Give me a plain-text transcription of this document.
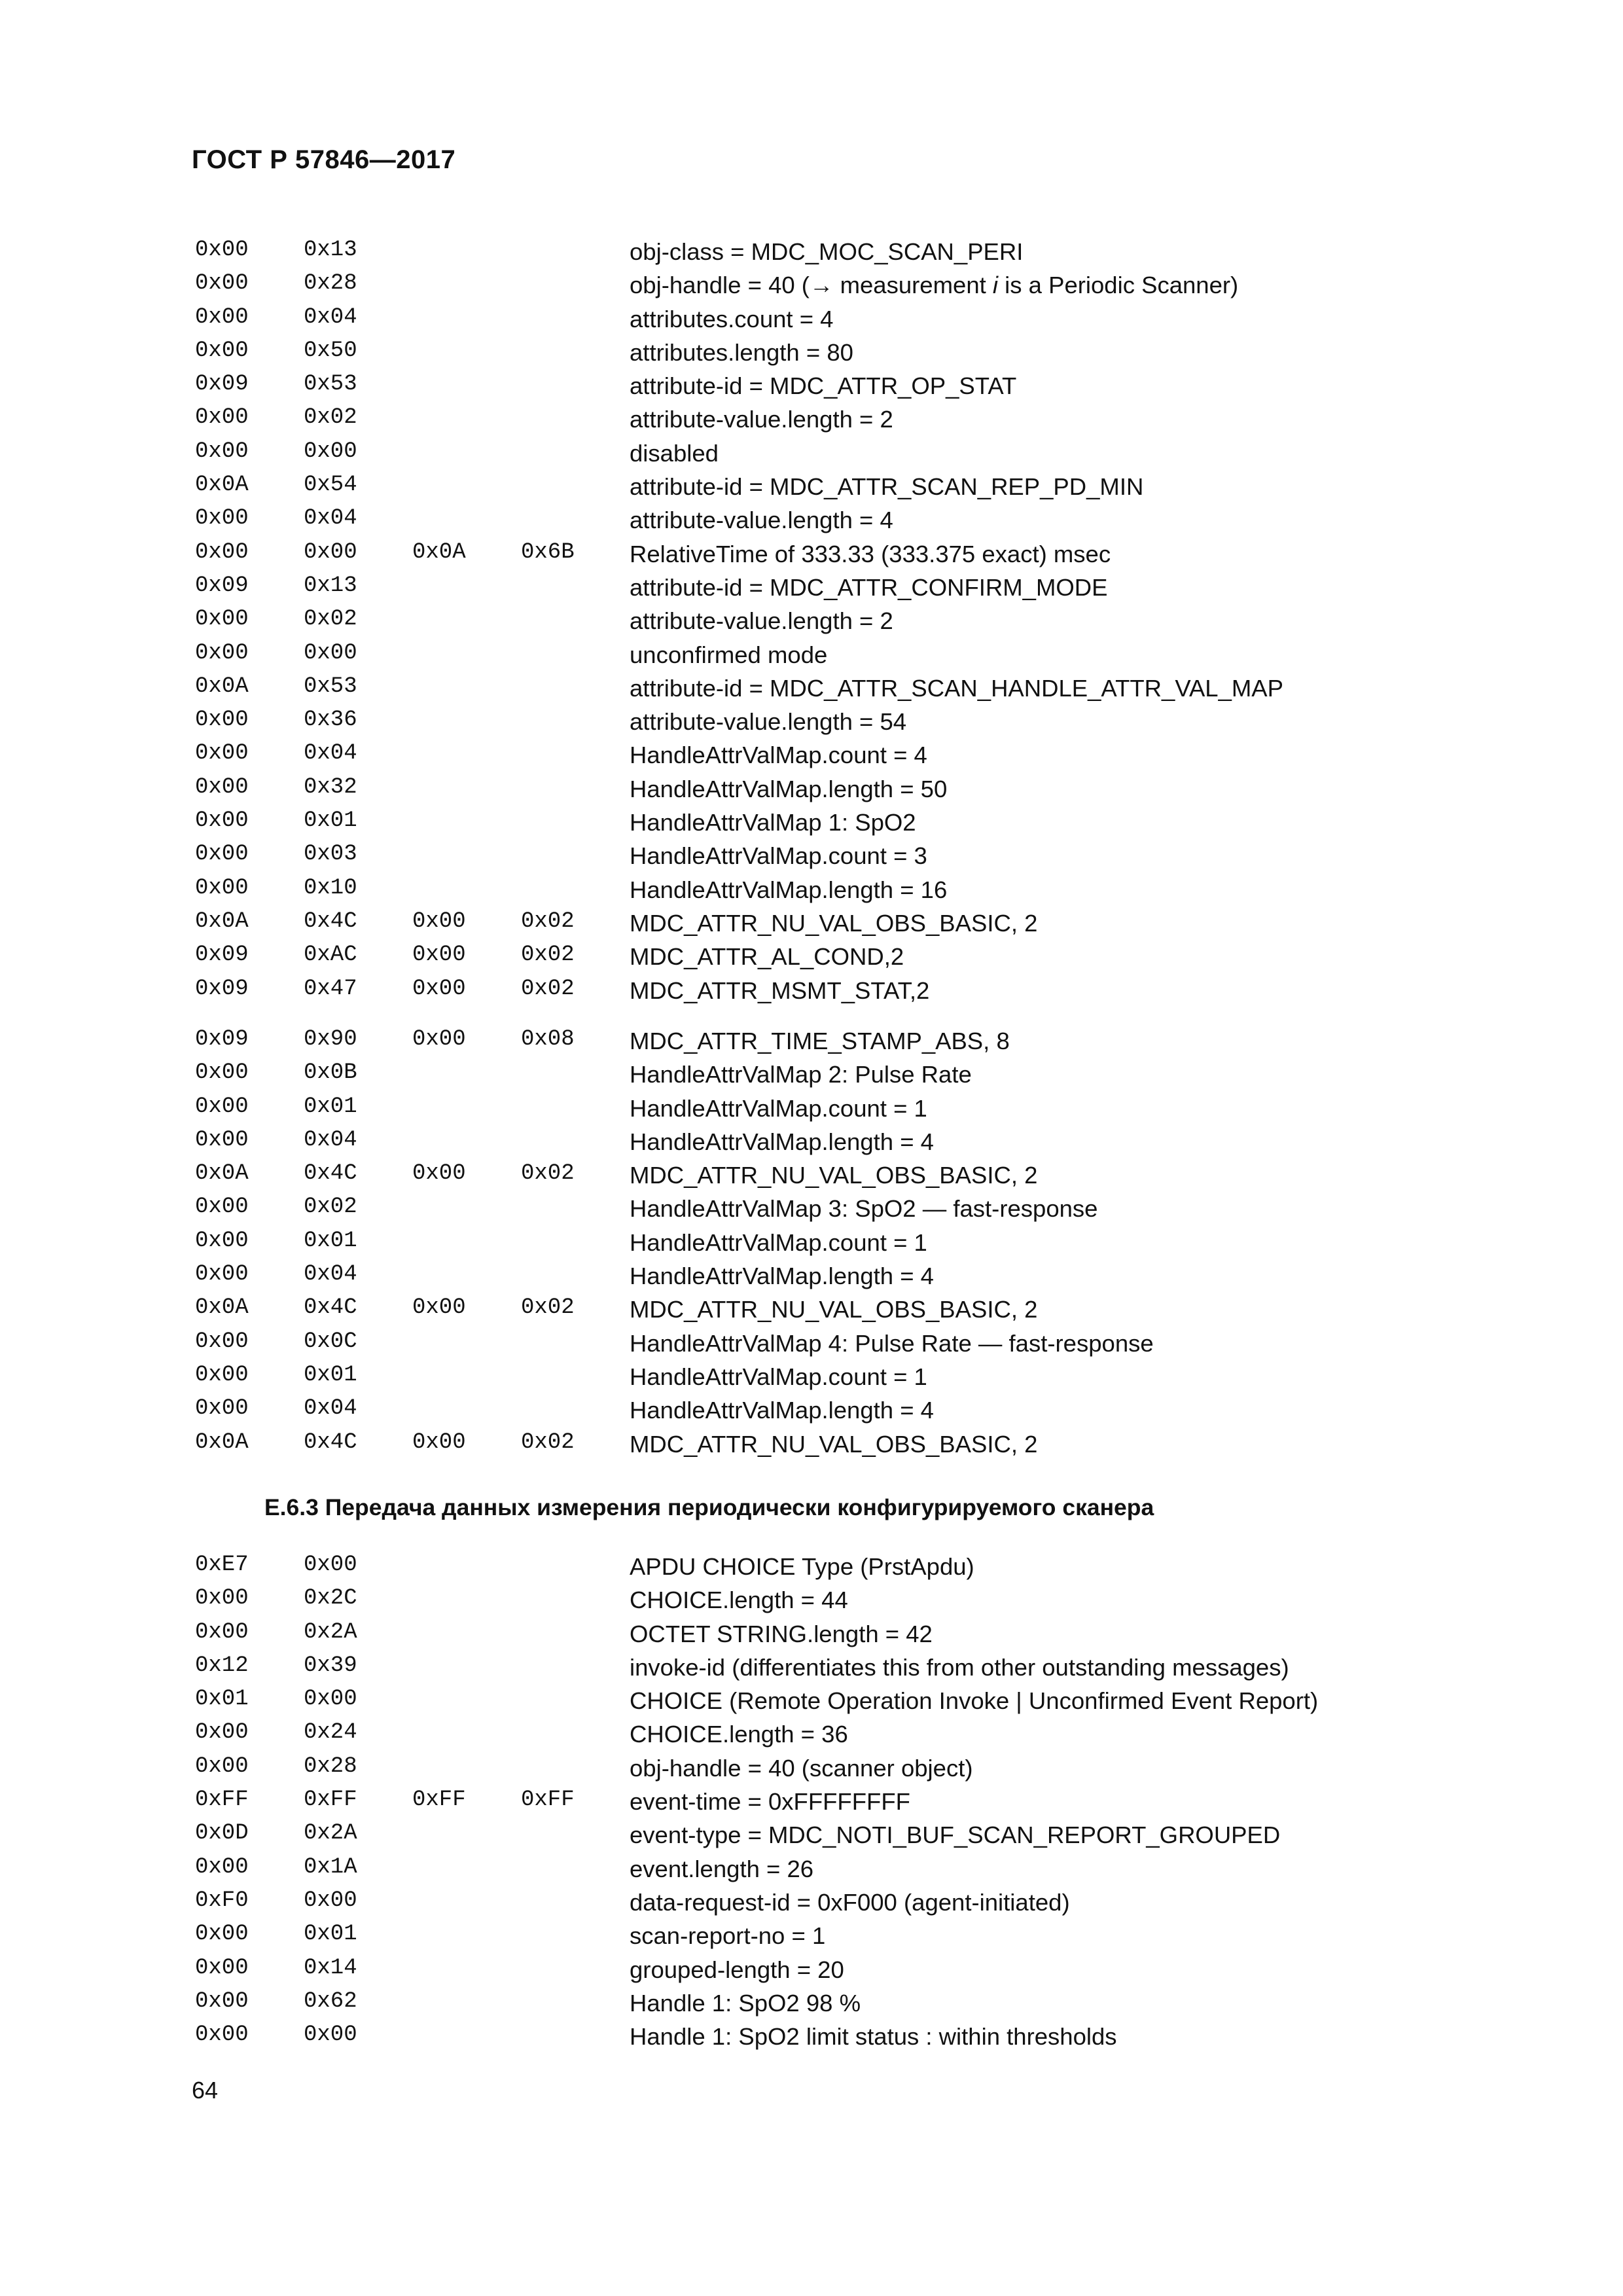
ГОСТ Р 57846—2017
0x00 0x13	obj-class = MDC_MOC_SCAN_PERI
0x00 0x28	obj-handle = 40 (→ measurement i is a Periodic Scanner)
0x00 0x04	attributes.count = 4
0x00 0x50	attributes.length = 80
0x09 0x53	attribute-id = MDC_ATTR_OP_STAT
0x00 0x02	attribute-value.length = 2
0x00 0x00	disabled
0x0A 0x54	attribute-id = MDC_ATTR_SCAN_REP_PD_MIN
0x00 0x04	attribute-value.length = 4
0x00 0x00 0x0A 0x6B RelativeTime of 333.33 (333.375 exact) msec
0x09 0x13	attribute-id = MDC_ATTR_CONFIRM_MODE
0x00 0x02	attribute-value.length = 2
0x00 0x00	unconfirmed mode
0x0A 0x53	attribute-id = MDC_ATTR_SCAN_HANDLE_ATTR_VAL_MAP
0x00 0x36	attribute-value.length = 54
0x00 0x04	HandleAttrValMap.count = 4
0x00 0x32	HandleAttrValMap.length = 50
0x00 0x01	HandleAttrValMap 1: SpO2
0x00 0x03	HandleAttrValMap.count = 3
0x00 0x10	HandleAttrValMap.length = 16
0x0A 0x4C 0x00 0x02 MDC_ATTR_NU_VAL_OBS_BASIC, 2
0x09 0xAC 0x00 0x02 MDC_ATTR_AL_COND,2
0x09 0x47 0x00 0x02 MDC_ATTR_MSMT_STAT,2
0x09 0x90 0x00 0x08 MDC_ATTR_TIME_STAMP_ABS, 8
0x00 0x0B	HandleAttrValMap 2: Pulse Rate
0x00 0x01	HandleAttrValMap.count = 1
0x00 0x04	HandleAttrValMap.length = 4
0x0A 0x4C 0x00 0x02 MDC_ATTR_NU_VAL_OBS_BASIC, 2
0x00 0x02	HandleAttrValMap 3: SpO2 — fast-response
0x00 0x01	HandleAttrValMap.count = 1
0x00 0x04	HandleAttrValMap.length = 4
0x0A 0x4C 0x00 0x02 MDC_ATTR_NU_VAL_OBS_BASIC, 2
0x00 0x0C	HandleAttrValMap 4: Pulse Rate — fast-response
0x00 0x01	HandleAttrValMap.count = 1
0x00 0x04	HandleAttrValMap.length = 4
0x0A 0x4C 0x00 0x02 MDC_ATTR_NU_VAL_OBS_BASIC, 2
Е.6.3 Передача данных измерения периодически конфигурируемого сканера
0xE7 0x00	APDU CHOICE Type (PrstApdu)
0x00 0x2C	CHOICE.length = 44
0x00 0x2A	OCTET STRING.length = 42
0x12 0x39	invoke-id (differentiates this from other outstanding messages)
0x01 0x00	CHOICE (Remote Operation Invoke | Unconfirmed Event Report)
0x00 0x24	CHOICE.length = 36
0x00 0x28	obj-handle = 40 (scanner object)
0xFF 0xFF 0xFF 0xFF event-time = 0xFFFFFFFF
0x0D 0x2A	event-type = MDC_NOTI_BUF_SCAN_REPORT_GROUPED
0x00 0x1A	event.length = 26
0xF0 0x00	data-request-id = 0xF000 (agent-initiated)
0x00 0x01	scan-report-no = 1
0x00 0x14	grouped-length = 20
0x00 0x62	Handle 1: SpO2 98 %
0x00 0x00	Handle 1: SpO2 limit status : within thresholds
64
